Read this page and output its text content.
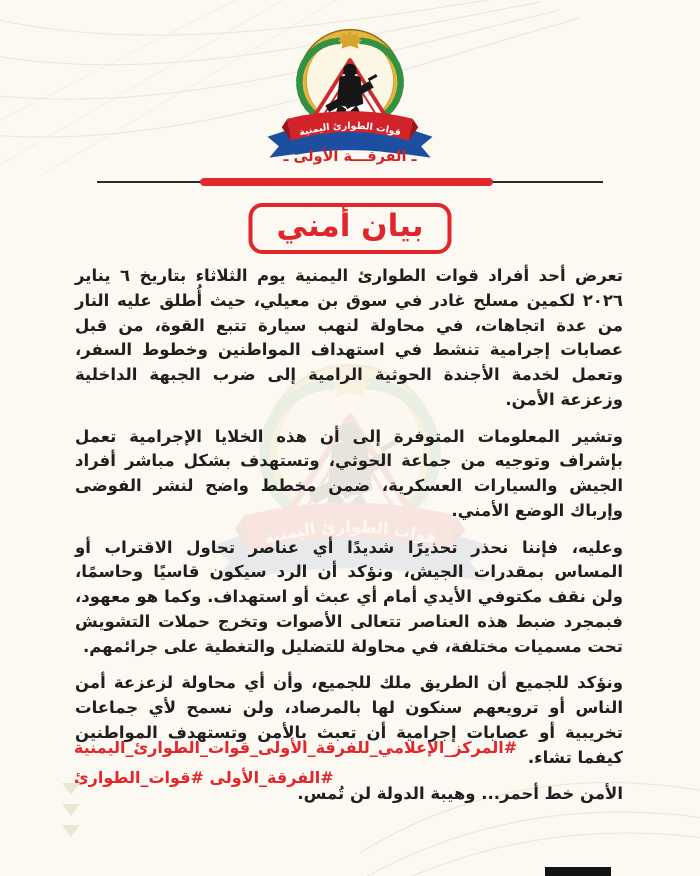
ـ الفرقـــة الأولى ـ
بيان أمني

تعرض أحد أفراد قوات الطوارئ اليمنية يوم الثلاثاء بتاريخ ٦ يناير ٢٠٢٦ لكمين مسلح غادر في سوق بن معيلي، حيث أُطلق عليه النار من عدة اتجاهات، في محاولة لنهب سيارة تتبع القوة، من قبل عصابات إجرامية تنشط في استهداف المواطنين وخطوط السفر، وتعمل لخدمة الأجندة الحوثية الرامية إلى ضرب الجبهة الداخلية وزعزعة الأمن.

وتشير المعلومات المتوفرة إلى أن هذه الخلايا الإجرامية تعمل بإشراف وتوجيه من جماعة الحوثي، وتستهدف بشكل مباشر أفراد الجيش والسيارات العسكرية، ضمن مخطط واضح لنشر الفوضى وإرباك الوضع الأمني.

وعليه، فإننا نحذر تحذيرًا شديدًا أي عناصر تحاول الاقتراب أو المساس بمقدرات الجيش، ونؤكد أن الرد سيكون قاسيًا وحاسمًا، ولن نقف مكتوفي الأيدي أمام أي عبث أو استهداف. وكما هو معهود، فبمجرد ضبط هذه العناصر تتعالى الأصوات وتخرج حملات التشويش تحت مسميات مختلفة، في محاولة للتضليل والتغطية على جرائمهم.

ونؤكد للجميع أن الطريق ملك للجميع، وأن أي محاولة لزعزعة أمن الناس أو ترويعهم سنكون لها بالمرصاد، ولن نسمح لأي جماعات تخريبية أو عصابات إجرامية أن تعبث بالأمن وتستهدف المواطنين كيفما تشاء.

الأمن خط أحمر... وهيبة الدولة لن تُمس.

#المركز_الإعلامي_للفرقة_الأولى_قوات_الطوارئ_اليمنية
#الفرقة_الأولى #قوات_الطوارئ
